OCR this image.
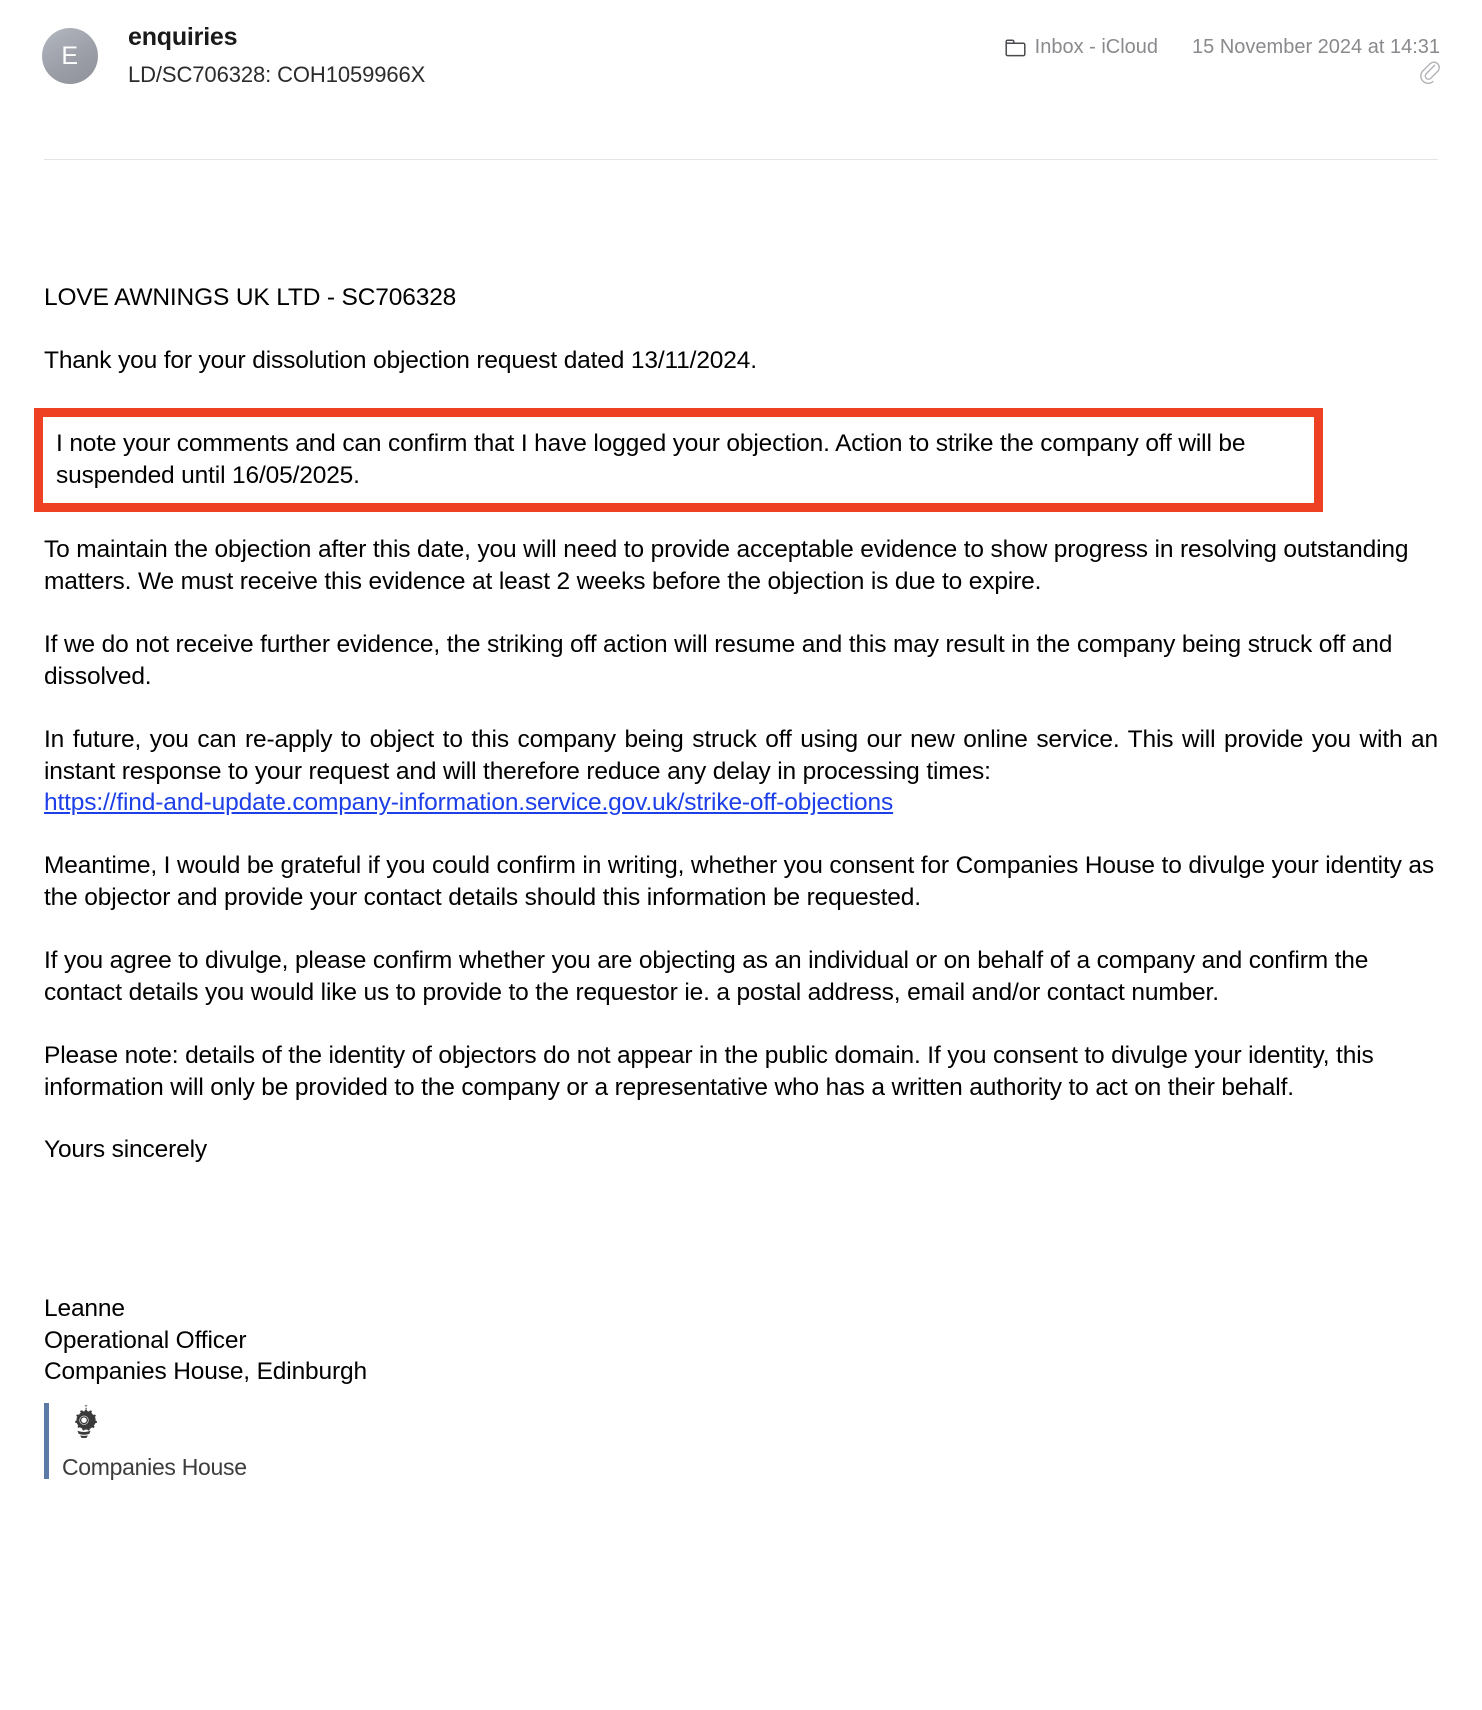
E
enquiries
LD/SC706328: COH1059966X
Inbox - iCloud 15 November 2024 at 14:31

LOVE AWNINGS UK LTD - SC706328

Thank you for your dissolution objection request dated 13/11/2024.

I note your comments and can confirm that I have logged your objection. Action to strike the company off will be suspended until 16/05/2025.

To maintain the objection after this date, you will need to provide acceptable evidence to show progress in resolving outstanding matters. We must receive this evidence at least 2 weeks before the objection is due to expire.

If we do not receive further evidence, the striking off action will resume and this may result in the company being struck off and dissolved.

In future, you can re-apply to object to this company being struck off using our new online service. This will provide you with an instant response to your request and will therefore reduce any delay in processing times:

https://find-and-update.company-information.service.gov.uk/strike-off-objections

Meantime, I would be grateful if you could confirm in writing, whether you consent for Companies House to divulge your identity as the objector and provide your contact details should this information be requested.

If you agree to divulge, please confirm whether you are objecting as an individual or on behalf of a company and confirm the contact details you would like us to provide to the requestor ie. a postal address, email and/or contact number.

Please note: details of the identity of objectors do not appear in the public domain. If you consent to divulge your identity, this information will only be provided to the company or a representative who has a written authority to act on their behalf.

Yours sincerely

Leanne
Operational Officer
Companies House, Edinburgh
Companies House
